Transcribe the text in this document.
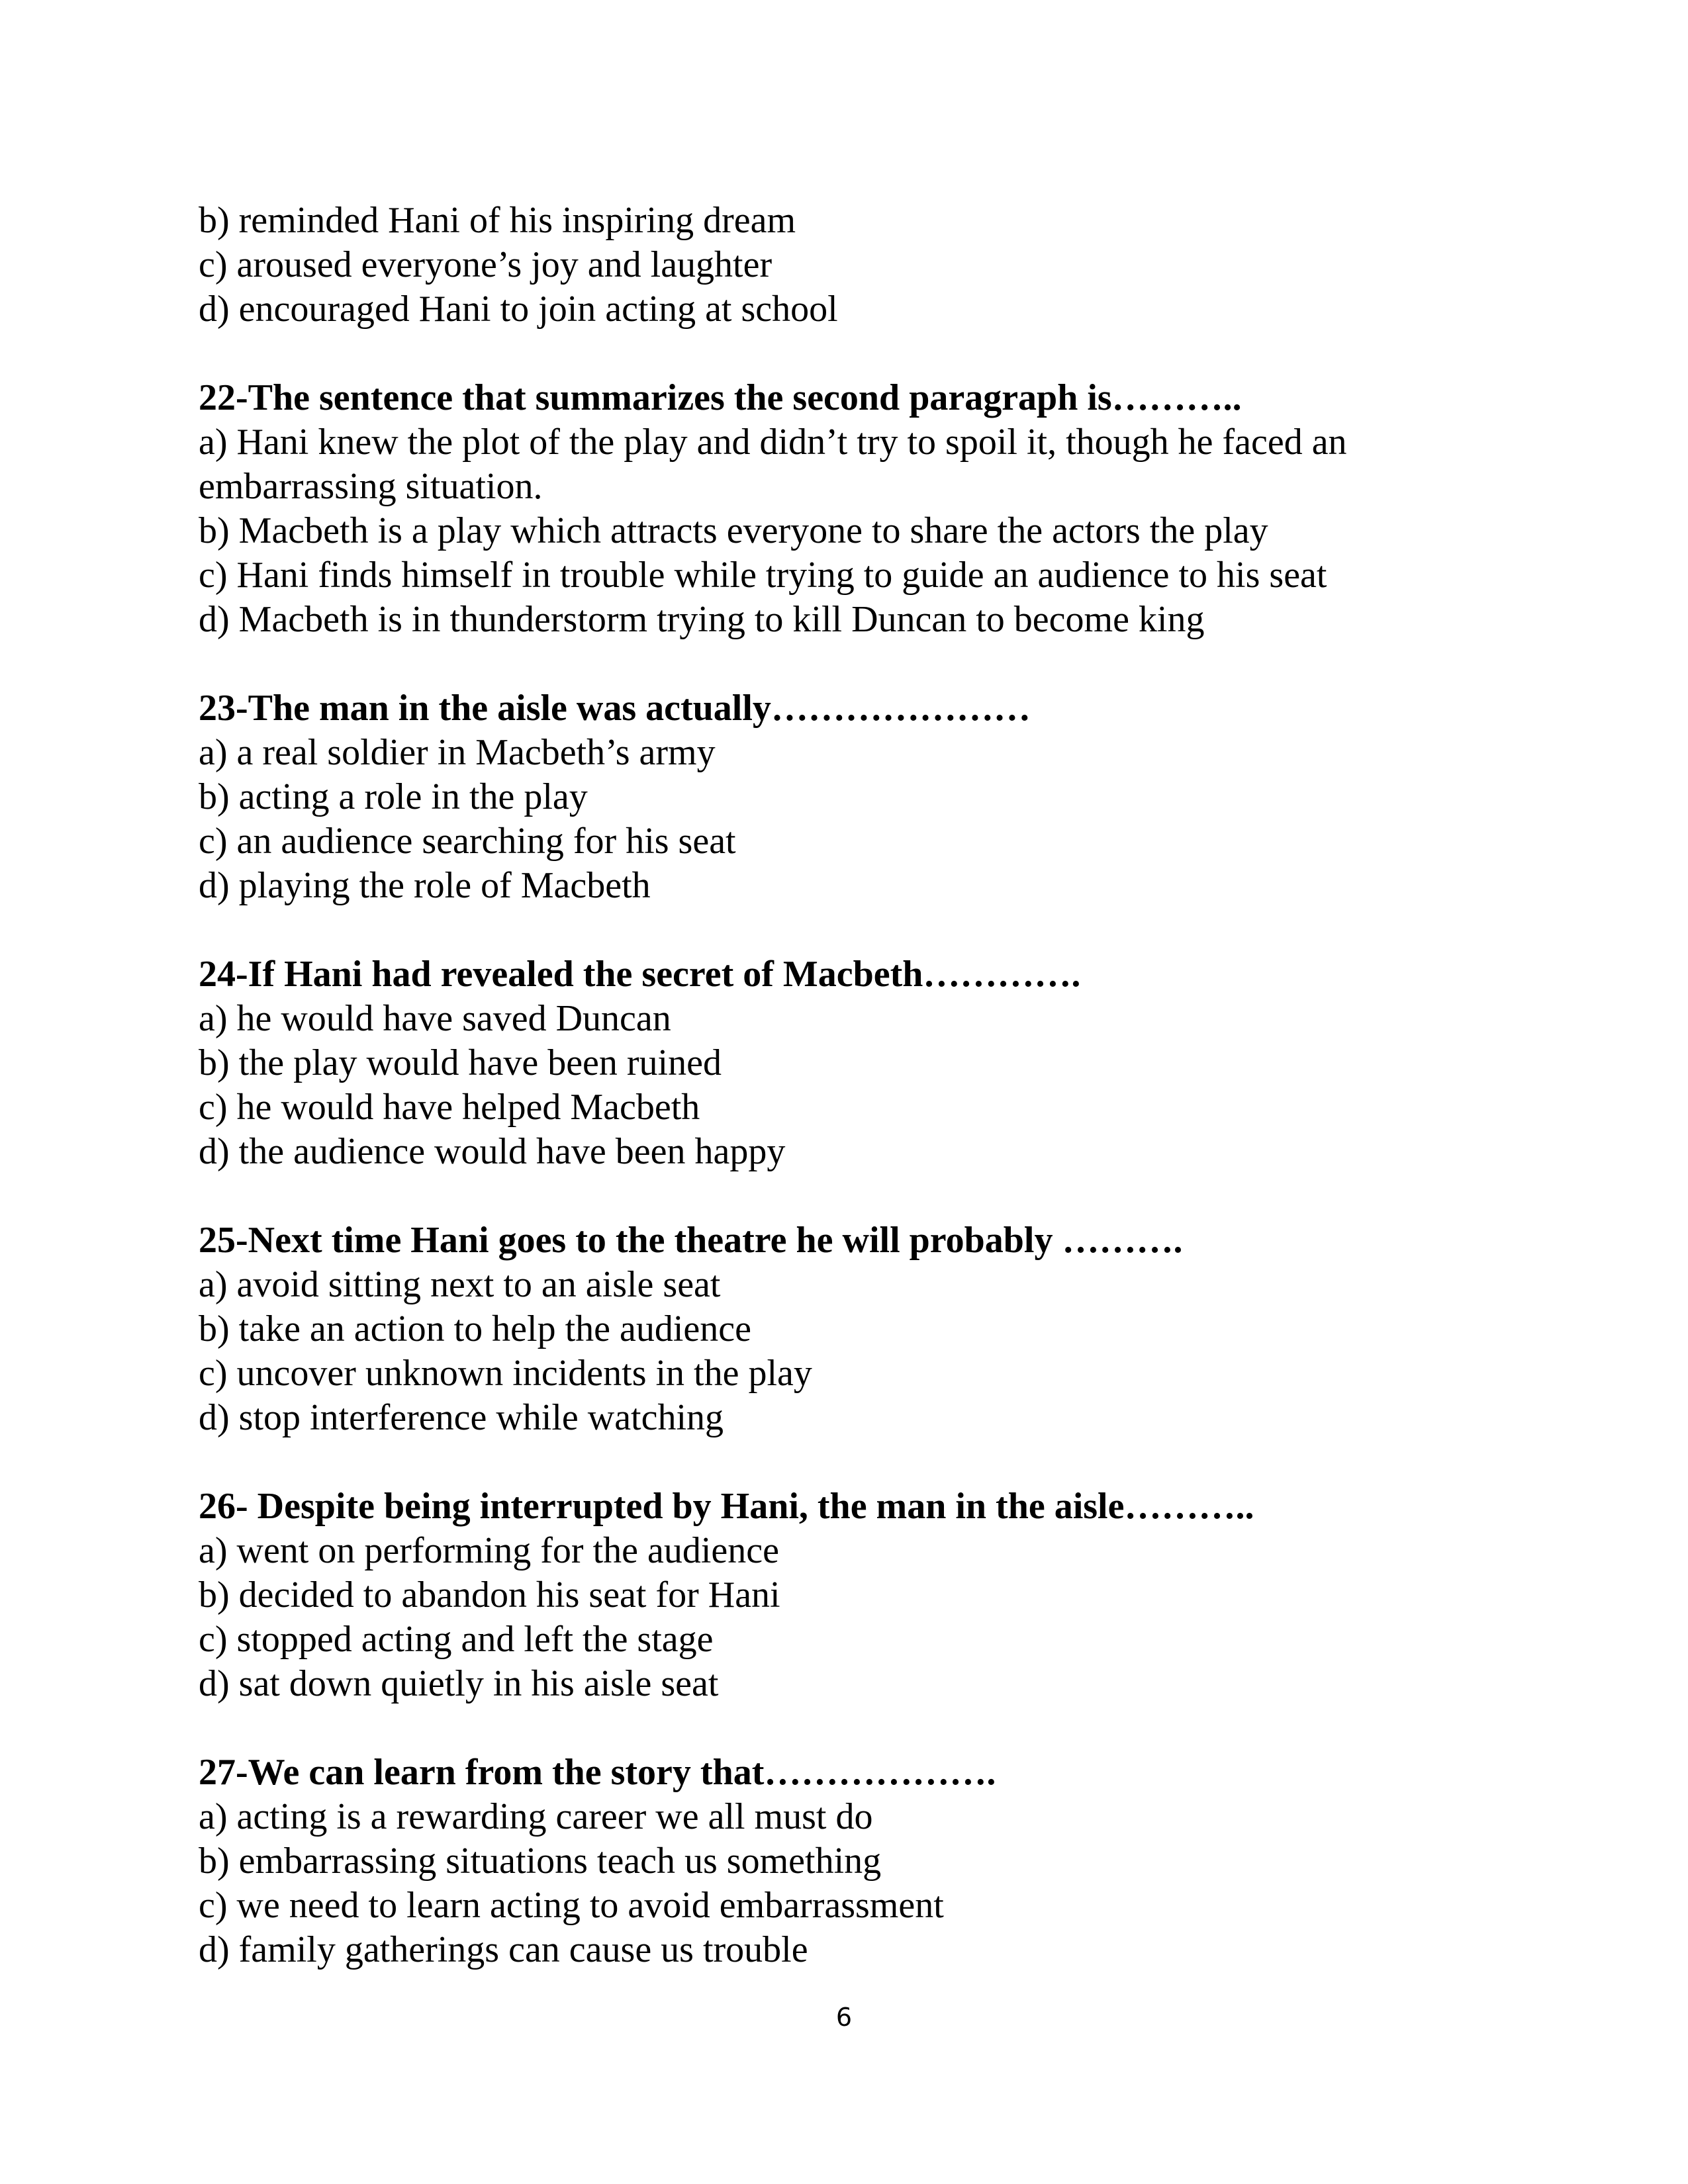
b) reminded Hani of his inspiring dream
c) aroused everyone’s joy and laughter
d) encouraged Hani to join acting at school
22-The sentence that summarizes the second paragraph is………..
a) Hani knew the plot of the play and didn’t try to spoil it, though he faced an embarrassing situation.
b) Macbeth is a play which attracts everyone to share the actors the play
c) Hani finds himself in trouble while trying to guide an audience to his seat
d) Macbeth is in thunderstorm trying to kill Duncan to become king
23-The man in the aisle was actually…………………
a) a real soldier in Macbeth’s army
b) acting a role in the play
c) an audience searching for his seat
d) playing the role of Macbeth
24-If Hani had revealed the secret of Macbeth………….
a) he would have saved Duncan
b) the play would have been ruined
c) he would have helped Macbeth
d) the audience would have been happy
25-Next time Hani goes to the theatre he will probably ……….
a) avoid sitting next to an aisle seat
b) take an action to help the audience
c) uncover unknown incidents in the play
d) stop interference while watching
26- Despite being interrupted by Hani, the man in the aisle………..
a) went on performing for the audience
b) decided to abandon his seat for Hani
c) stopped acting and left the stage
d) sat down quietly in his aisle seat
27-We can learn from the story that……………….
a) acting is a rewarding career we all must do
b) embarrassing situations teach us something
c) we need to learn acting to avoid embarrassment
d) family gatherings can cause us trouble
6
